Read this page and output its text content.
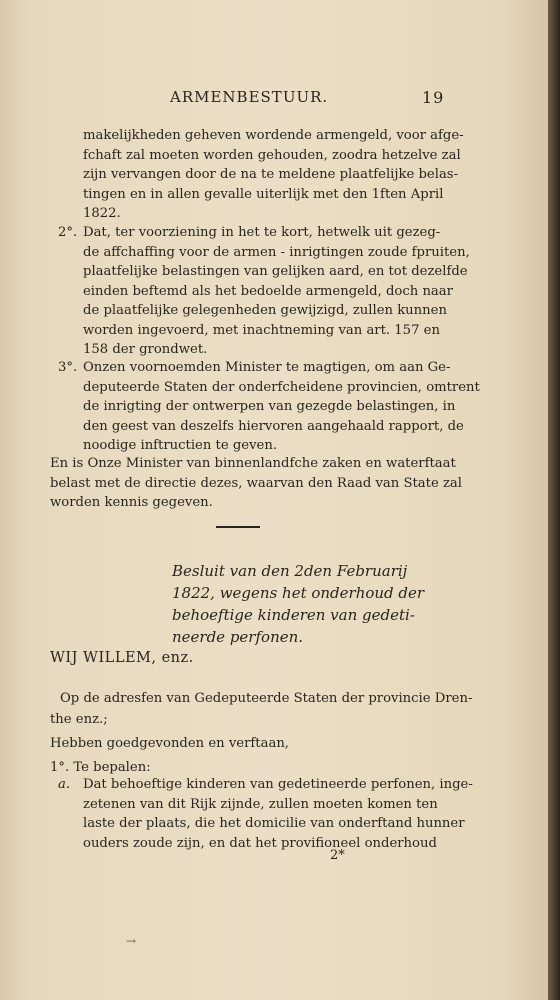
ARMENBESTUUR.	19
makelijkheden geheven wordende armengeld, voor afge-
fchaft zal moeten worden gehouden, zoodra hetzelve zal
zijn vervangen door de na te meldene plaatfelijke belas-
tingen en in allen gevalle uiterlijk met den 1ften April
1822.
2°. Dat, ter voorziening in het te kort, hetwelk uit gezeg-
de affchaffing voor de armen - inrigtingen zoude fpruiten,
plaatfelijke belastingen van gelijken aard, en tot dezelfde
einden beftemd als het bedoelde armengeld, doch naar
de plaatfelijke gelegenheden gewijzigd, zullen kunnen
worden ingevoerd, met inachtneming van art. 157 en
158 der grondwet.
3°. Onzen voornoemden Minister te magtigen, om aan Ge-
deputeerde Staten der onderfcheidene provincien, omtrent
de inrigting der ontwerpen van gezegde belastingen, in
den geest van deszelfs hiervoren aangehaald rapport, de
noodige inftructien te geven.
En is Onze Minister van binnenlandfche zaken en waterftaat
belast met de directie dezes, waarvan den Raad van State zal
worden kennis gegeven.
Besluit van den 2den Februarij
1822, wegens het onderhoud der
behoeftige kinderen van gedeti-
neerde perfonen.
WIJ WILLEM, enz.
Op de adresfen van Gedeputeerde Staten der provincie Dren-
the enz.;
Hebben goedgevonden en verftaan,
1°. Te bepalen:
a. Dat behoeftige kinderen van gedetineerde perfonen, inge-
zetenen van dit Rijk zijnde, zullen moeten komen ten
laste der plaats, die het domicilie van onderftand hunner
ouders zoude zijn, en dat het provifioneel onderhoud
2*
→
